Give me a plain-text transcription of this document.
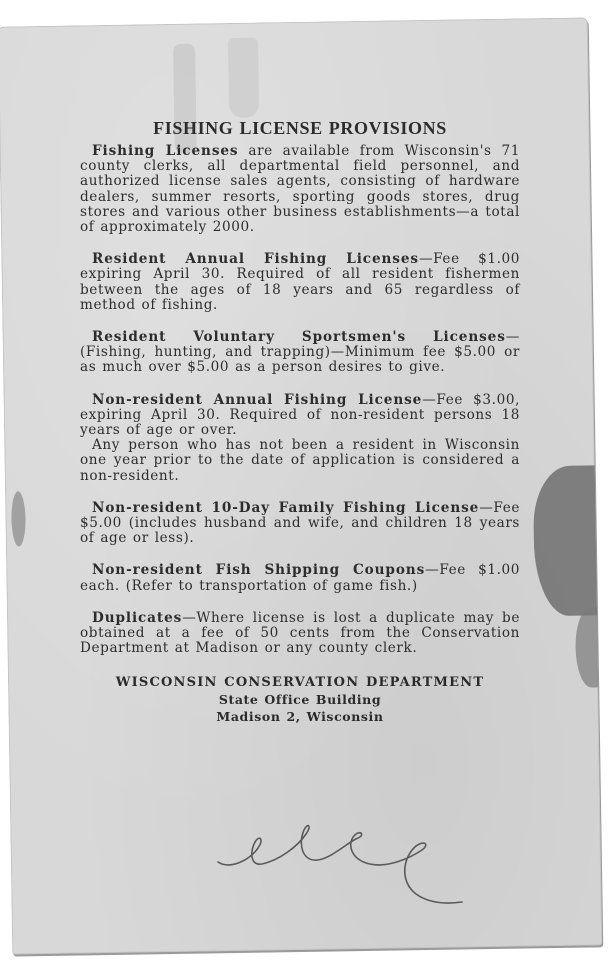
FISHING LICENSE PROVISIONS

Fishing Licenses are available from Wisconsin's 71 county clerks, all departmental field personnel, and authorized license sales agents, consisting of hardware dealers, summer resorts, sporting goods stores, drug stores and various other business establishments—a total of approximately 2000.

Resident Annual Fishing Licenses—Fee $1.00 expiring April 30. Required of all resident fishermen between the ages of 18 years and 65 regardless of method of fishing.

Resident Voluntary Sportsmen's Licenses—(Fishing, hunting, and trapping)—Minimum fee $5.00 or as much over $5.00 as a person desires to give.

Non-resident Annual Fishing License—Fee $3.00, expiring April 30. Required of non-resident persons 18 years of age or over.

Any person who has not been a resident in Wisconsin one year prior to the date of application is considered a non-resident.

Non-resident 10-Day Family Fishing License—Fee $5.00 (includes husband and wife, and children 18 years of age or less).

Non-resident Fish Shipping Coupons—Fee $1.00 each. (Refer to transportation of game fish.)

Duplicates—Where license is lost a duplicate may be obtained at a fee of 50 cents from the Conservation Department at Madison or any county clerk.

WISCONSIN CONSERVATION DEPARTMENT
State Office Building
Madison 2, Wisconsin
